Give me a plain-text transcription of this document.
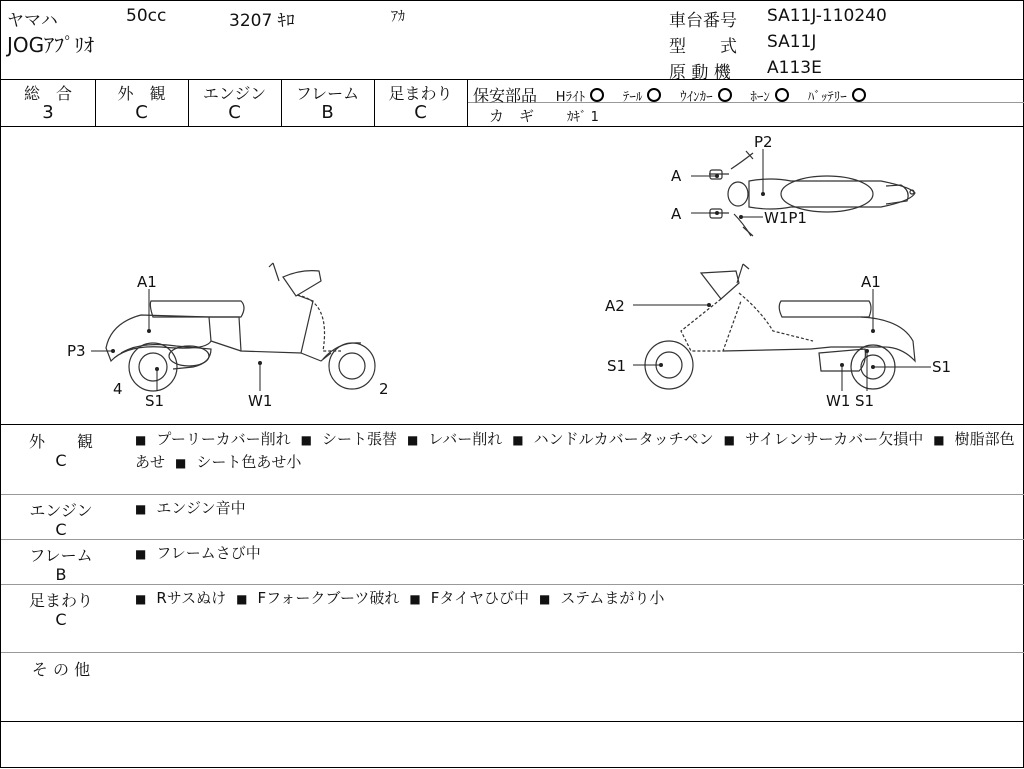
ヤマハ	50cc	3207 ｷﾛ	ｱｶ
JOGｱﾌﾟﾘｵ
車台番号 SA11J-110240
型　　式 SA11J
原 動 機 A113E
総　合
3
外　観
C
エンジン
C
フレーム
B
足まわり
C
保安部品 Hﾗｲﾄ	ﾃｰﾙ	ｳｲﾝｶｰ	ﾎｰﾝ	ﾊﾞｯﾃﾘｰ
カ　ギ	ｶｷﾞ 1
A
A
P2
W1P1
A1
P3
4
S1	W1
2
A2
A1
S1	S1
W1 S1
外　　観
C
■ プーリーカバー削れ ■ シート張替 ■ レバー削れ ■ ハンドルカバータッチペン ■ サイレンサーカバー欠損中 ■ 樹脂部色あせ ■ シート色あせ小
エンジン
C
■ エンジン音中
フレーム
B
■ フレームさび中
足まわり
C
■ Rサスぬけ ■ Fフォークブーツ破れ ■ Fタイヤひび中 ■ ステムまがり小
そ の 他
